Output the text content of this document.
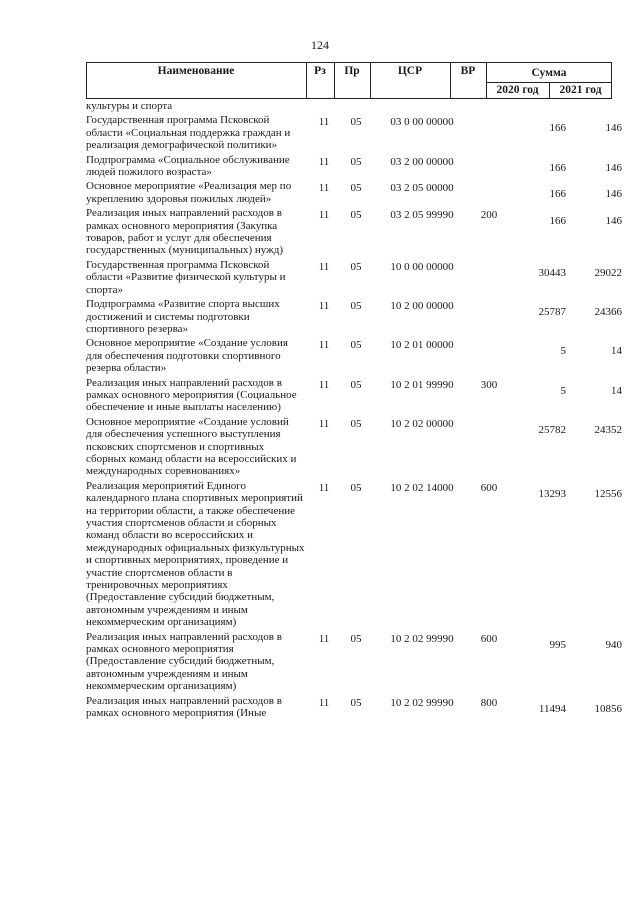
124
Наименование	Рз	Пр	ЦСР	ВР	Сумма
2020 год	2021 год
культуры и спорта						
Государственная программа Псковской области «Социальная поддержка граждан и реализация демографической политики»	11	05	03 0 00 00000		166	146
Подпрограмма «Социальное обслуживание людей пожилого возраста»	11	05	03 2 00 00000		166	146
Основное мероприятие «Реализация мер по укреплению здоровья пожилых людей»	11	05	03 2 05 00000		166	146
Реализация иных направлений расходов в рамках основного мероприятия (Закупка товаров, работ и услуг для обеспечения государственных (муниципальных) нужд)	11	05	03 2 05 99990	200	166	146
Государственная программа Псковской области «Развитие физической культуры и спорта»	11	05	10 0 00 00000		30443	29022
Подпрограмма «Развитие спорта высших достижений и системы подготовки спортивного резерва»	11	05	10 2 00 00000		25787	24366
Основное мероприятие «Создание условия для обеспечения подготовки спортивного резерва области»	11	05	10 2 01 00000		5	14
Реализация иных направлений расходов в рамках основного мероприятия (Социальное обеспечение и иные выплаты населению)	11	05	10 2 01 99990	300	5	14
Основное мероприятие «Создание условий для обеспечения успешного выступления псковских спортсменов и спортивных сборных команд области на всероссийских и международных соревнованиях»	11	05	10 2 02 00000		25782	24352
Реализация мероприятий Единого календарного плана спортивных мероприятий на территории области, а также обеспечение участия спортсменов области и сборных команд области во всероссийских и международных официальных физкультурных и спортивных мероприятиях, проведение и участие спортсменов области в тренировочных мероприятиях (Предоставление субсидий бюджетным, автономным учреждениям и иным некоммерческим организациям)	11	05	10 2 02 14000	600	13293	12556
Реализация иных направлений расходов в рамках основного мероприятия (Предоставление субсидий бюджетным, автономным учреждениям и иным некоммерческим организациям)	11	05	10 2 02 99990	600	995	940
Реализация иных направлений расходов в рамках основного мероприятия (Иные	11	05	10 2 02 99990	800	11494	10856
